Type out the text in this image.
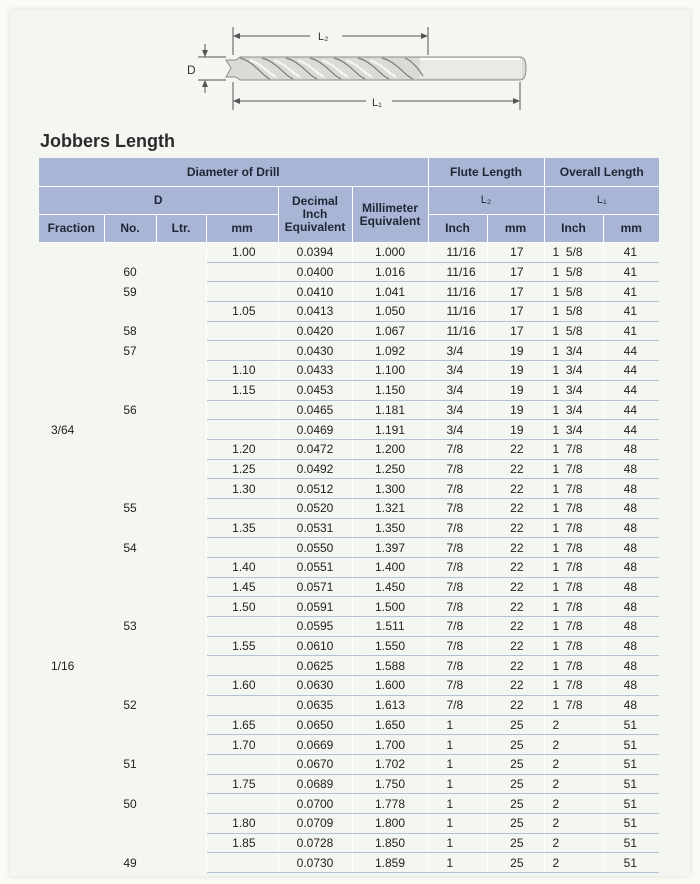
L₂
D
L₁
Jobbers Length
Diameter of Drill						Flute Length		Overall Length	
D				Decimal Inch Equivalent	Millimeter Equivalent	L₂		L₁	
Fraction	No.	Ltr.	mm			Inch	mm	Inch	mm
			1.00	0.0394	1.000	11/16	17	1  5/8	41
	60			0.0400	1.016	11/16	17	1  5/8	41
	59			0.0410	1.041	11/16	17	1  5/8	41
			1.05	0.0413	1.050	11/16	17	1  5/8	41
	58			0.0420	1.067	11/16	17	1  5/8	41
	57			0.0430	1.092	3/4	19	1  3/4	44
			1.10	0.0433	1.100	3/4	19	1  3/4	44
			1.15	0.0453	1.150	3/4	19	1  3/4	44
	56			0.0465	1.181	3/4	19	1  3/4	44
3/64				0.0469	1.191	3/4	19	1  3/4	44
			1.20	0.0472	1.200	7/8	22	1  7/8	48
			1.25	0.0492	1.250	7/8	22	1  7/8	48
			1.30	0.0512	1.300	7/8	22	1  7/8	48
	55			0.0520	1.321	7/8	22	1  7/8	48
			1.35	0.0531	1.350	7/8	22	1  7/8	48
	54			0.0550	1.397	7/8	22	1  7/8	48
			1.40	0.0551	1.400	7/8	22	1  7/8	48
			1.45	0.0571	1.450	7/8	22	1  7/8	48
			1.50	0.0591	1.500	7/8	22	1  7/8	48
	53			0.0595	1.511	7/8	22	1  7/8	48
			1.55	0.0610	1.550	7/8	22	1  7/8	48
1/16				0.0625	1.588	7/8	22	1  7/8	48
			1.60	0.0630	1.600	7/8	22	1  7/8	48
	52			0.0635	1.613	7/8	22	1  7/8	48
			1.65	0.0650	1.650	1	25	2	51
			1.70	0.0669	1.700	1	25	2	51
	51			0.0670	1.702	1	25	2	51
			1.75	0.0689	1.750	1	25	2	51
	50			0.0700	1.778	1	25	2	51
			1.80	0.0709	1.800	1	25	2	51
			1.85	0.0728	1.850	1	25	2	51
	49			0.0730	1.859	1	25	2	51
